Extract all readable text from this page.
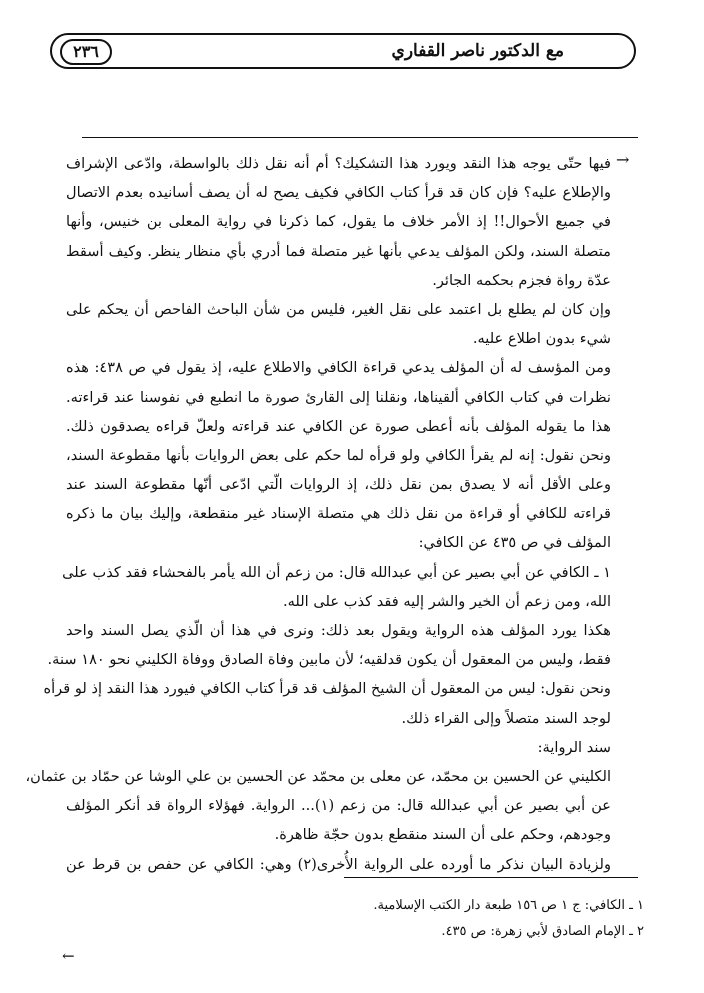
٢٣٦	مع الدكتور ناصر القفاري
→
فيها حتّى يوجه هذا النقد ويورد هذا التشكيك؟ أم أنه نقل ذلك بالواسطة، وادّعى الإشراف
والإطلاع عليه؟ فإن كان قد قرأ كتاب الكافي فكيف يصح له أن يصف أسانيده بعدم الاتصال
في جميع الأحوال!! إذ الأمر خلاف ما يقول، كما ذكرنا في رواية المعلى بن خنيس، وأنها
متصلة السند، ولكن المؤلف يدعي بأنها غير متصلة فما أدري بأي منظار ينظر. وكيف أسقط
عدّة رواة فجزم بحكمه الجائر.
وإن كان لم يطلع بل اعتمد على نقل الغير، فليس من شأن الباحث الفاحص أن يحكم على
شيء بدون اطلاع عليه.
ومن المؤسف له أن المؤلف يدعي قراءة الكافي والاطلاع عليه، إذ يقول في ص ٤٣٨: هذه
نظرات في كتاب الكافي ألقيناها، ونقلنا إلى القارئ صورة ما انطبع في نفوسنا عند قراءته.
هذا ما يقوله المؤلف بأنه أعطى صورة عن الكافي عند قراءته ولعلّ قراءه يصدقون ذلك.
ونحن نقول: إنه لم يقرأ الكافي ولو قرأه لما حكم على بعض الروايات بأنها مقطوعة السند،
وعلى الأقل أنه لا يصدق بمن نقل ذلك، إذ الروايات الّتي ادّعى أنّها مقطوعة السند عند
قراءته للكافي أو قراءة من نقل ذلك هي متصلة الإسناد غير منقطعة، وإليك بيان ما ذكره
المؤلف في ص ٤٣٥ عن الكافي:
١ ـ الكافي عن أبي بصير عن أبي عبدالله قال: من زعم أن الله يأمر بالفحشاء فقد كذب على
الله، ومن زعم أن الخير والشر إليه فقد كذب على الله.
هكذا يورد المؤلف هذه الرواية ويقول بعد ذلك: ونرى في هذا أن الّذي يصل السند واحد
فقط، وليس من المعقول أن يكون قدلقيه؛ لأن مابين وفاة الصادق ووفاة الكليني نحو ١٨٠ سنة.
ونحن نقول: ليس من المعقول أن الشيخ المؤلف قد قرأ كتاب الكافي فيورد هذا النقد إذ لو قرأه
لوجد السند متصلاً وإلى القراء ذلك.
سند الرواية:
الكليني عن الحسين بن محمّد، عن معلى بن محمّد عن الحسين بن علي الوشا عن حمّاد بن عثمان،
عن أبي بصير عن أبي عبدالله قال: من زعم (١)... الرواية. فهؤلاء الرواة قد أنكر المؤلف
وجودهم، وحكم على أن السند منقطع بدون حجّة ظاهرة.
ولزيادة البيان نذكر ما أورده على الرواية الأُخرى(٢) وهي: الكافي عن حفص بن قرط عن
١ ـ الكافي: ج ١ ص ١٥٦ طبعة دار الكتب الإسلامية.
٢ ـ الإمام الصادق لأبي زهرة: ص ٤٣٥.
←
